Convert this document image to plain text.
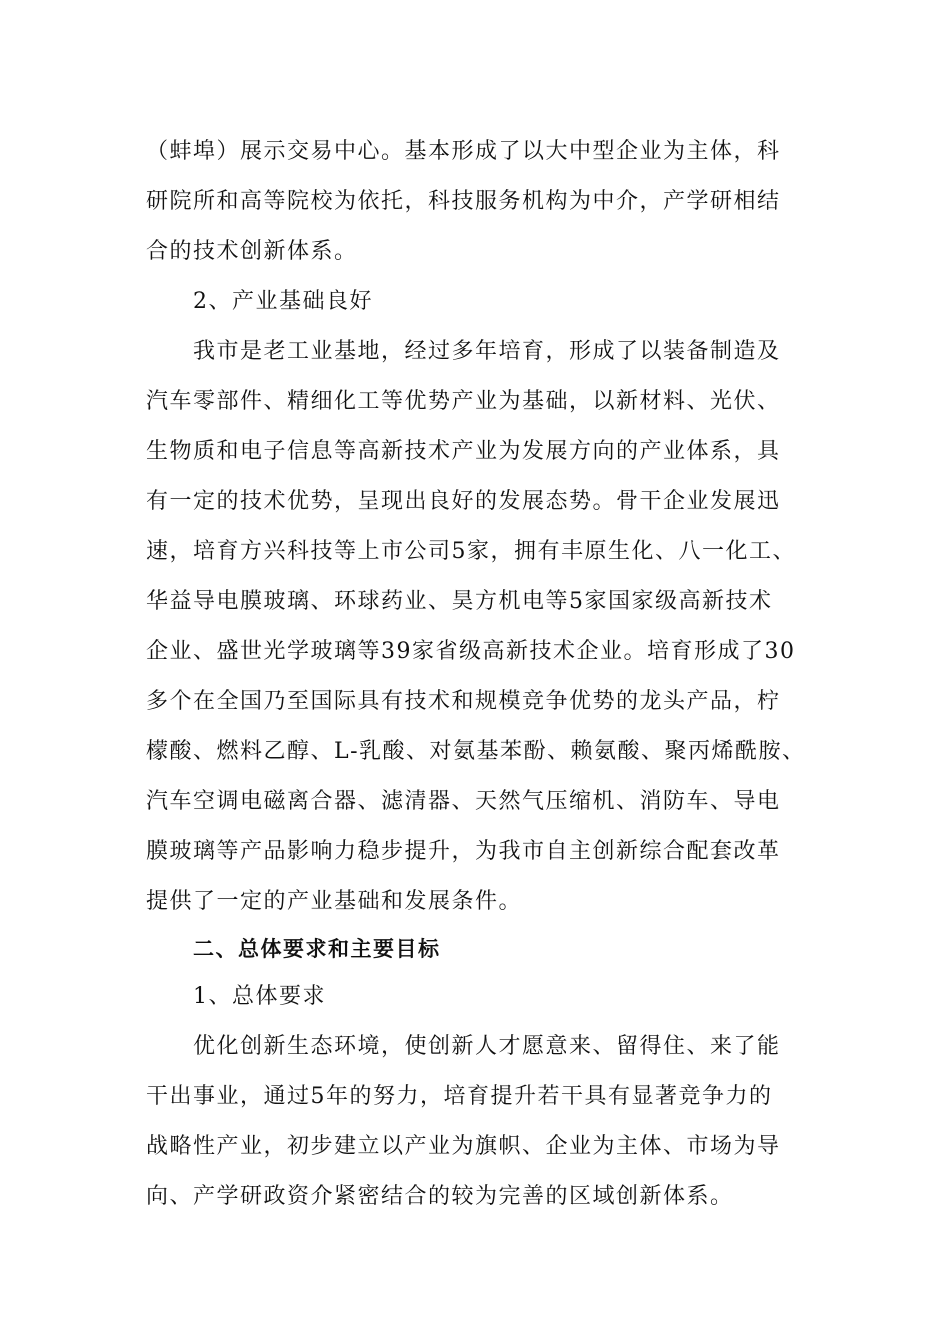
（蚌埠）展示交易中心。基本形成了以大中型企业为主体，科
研院所和高等院校为依托，科技服务机构为中介，产学研相结
合的技术创新体系。
2、产业基础良好
我市是老工业基地，经过多年培育，形成了以装备制造及
汽车零部件、精细化工等优势产业为基础，以新材料、光伏、
生物质和电子信息等高新技术产业为发展方向的产业体系，具
有一定的技术优势，呈现出良好的发展态势。骨干企业发展迅
速，培育方兴科技等上市公司5家，拥有丰原生化、八一化工、
华益导电膜玻璃、环球药业、昊方机电等5家国家级高新技术
企业、盛世光学玻璃等39家省级高新技术企业。培育形成了30
多个在全国乃至国际具有技术和规模竞争优势的龙头产品，柠
檬酸、燃料乙醇、L-乳酸、对氨基苯酚、赖氨酸、聚丙烯酰胺、
汽车空调电磁离合器、滤清器、天然气压缩机、消防车、导电
膜玻璃等产品影响力稳步提升，为我市自主创新综合配套改革
提供了一定的产业基础和发展条件。
二、总体要求和主要目标
1、总体要求
优化创新生态环境，使创新人才愿意来、留得住、来了能
干出事业，通过5年的努力，培育提升若干具有显著竞争力的
战略性产业，初步建立以产业为旗帜、企业为主体、市场为导
向、产学研政资介紧密结合的较为完善的区域创新体系。
